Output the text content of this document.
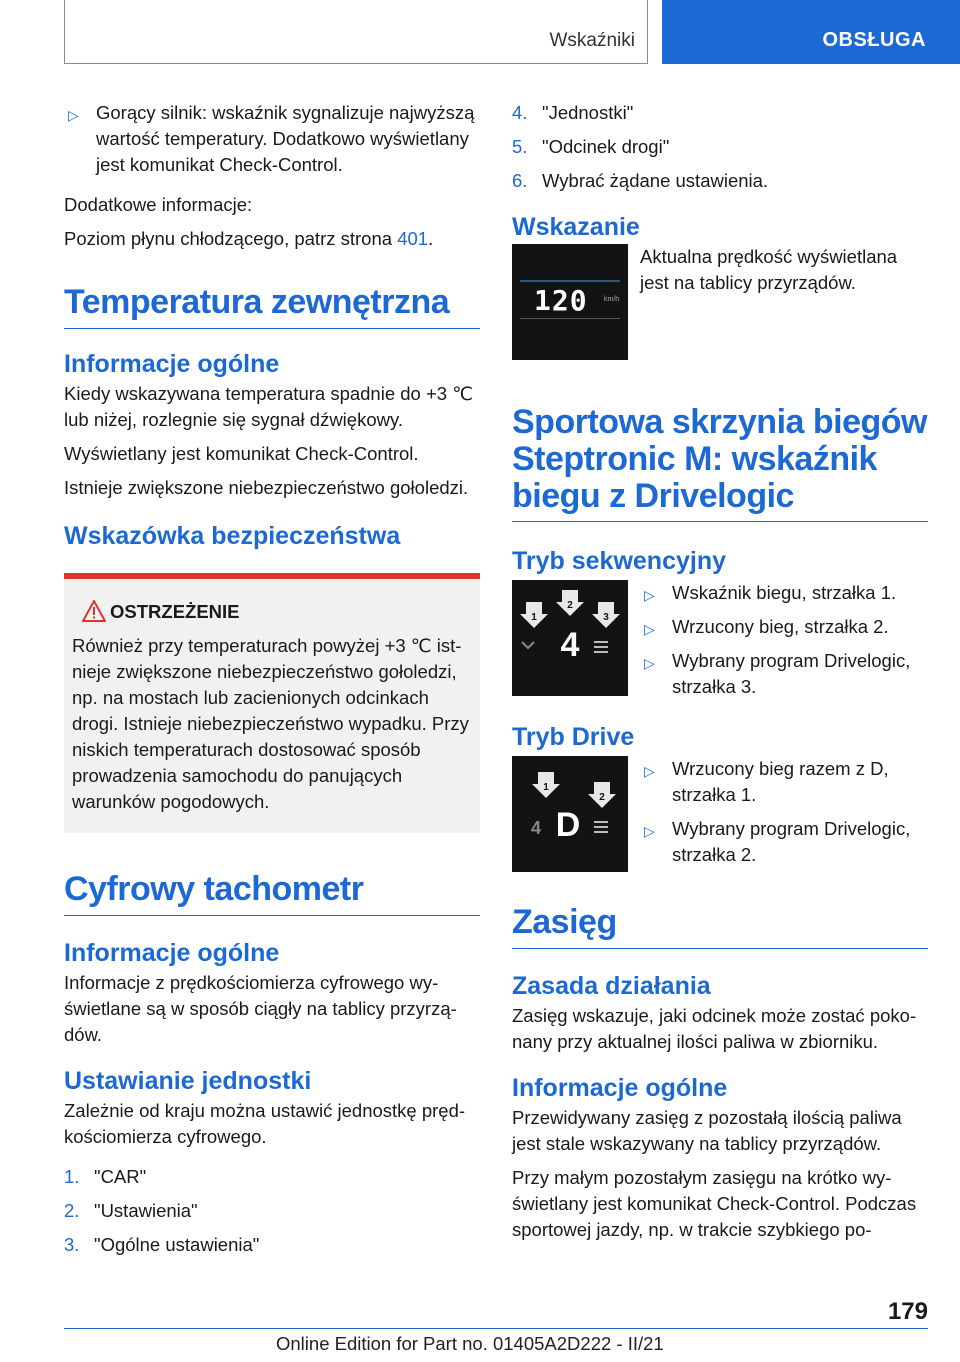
Wskaźniki	OBSŁUGA
▷ Gorący silnik: wskaźnik sygnalizuje najwyższą wartość temperatury. Dodatkowo wyświetlany jest komunikat Check-Control.

Dodatkowe informacje:

Poziom płynu chłodzącego, patrz strona 401.

Temperatura zewnętrzna
Informacje ogólne

Kiedy wskazywana temperatura spadnie do +3 ℃ lub niżej, rozlegnie się sygnał dźwiękowy.

Wyświetlany jest komunikat Check-Control.

Istnieje zwiększone niebezpieczeństwo gołoledzi.

Wskazówka bezpieczeństwa
OSTRZEŻENIE

Również przy temperaturach powyżej +3 ℃ istnieje zwiększone niebezpieczeństwo gołoledzi, np. na mostach lub zacienionych odcinkach drogi. Istnieje niebezpieczeństwo wypadku. Przy niskich temperaturach dostosować sposób prowadzenia samochodu do panujących warunków pogodowych.

Cyfrowy tachometr
Informacje ogólne

Informacje z prędkościomierza cyfrowego wyświetlane są w sposób ciągły na tablicy przyrządów.

Ustawianie jednostki

Zależnie od kraju można ustawić jednostkę prędkościomierza cyfrowego.

1. "CAR"
2. "Ustawienia"
3. "Ogólne ustawienia"
4. "Jednostki"
5. "Odcinek drogi"
6. Wybrać żądane ustawienia.
Wskazanie
120 km/h

Aktualna prędkość wyświetlana jest na tablicy przyrządów.

Sportowa skrzynia biegów Steptronic M: wskaźnik biegu z Drivelogic
Tryb sekwencyjny
1
2
3
4
▷ Wskaźnik biegu, strzałka 1.
▷ Wrzucony bieg, strzałka 2.
▷ Wybrany program Drivelogic, strzałka 3.
Tryb Drive
1
2
4 D
▷ Wrzucony bieg razem z D, strzałka 1.
▷ Wybrany program Drivelogic, strzałka 2.
Zasięg
Zasada działania

Zasięg wskazuje, jaki odcinek może zostać pokonany przy aktualnej ilości paliwa w zbiorniku.

Informacje ogólne

Przewidywany zasięg z pozostałą ilością paliwa jest stale wskazywany na tablicy przyrządów.

Przy małym pozostałym zasięgu na krótko wyświetlany jest komunikat Check-Control. Podczas sportowej jazdy, np. w trakcie szybkiego po-

179
Online Edition for Part no. 01405A2D222 - II/21
